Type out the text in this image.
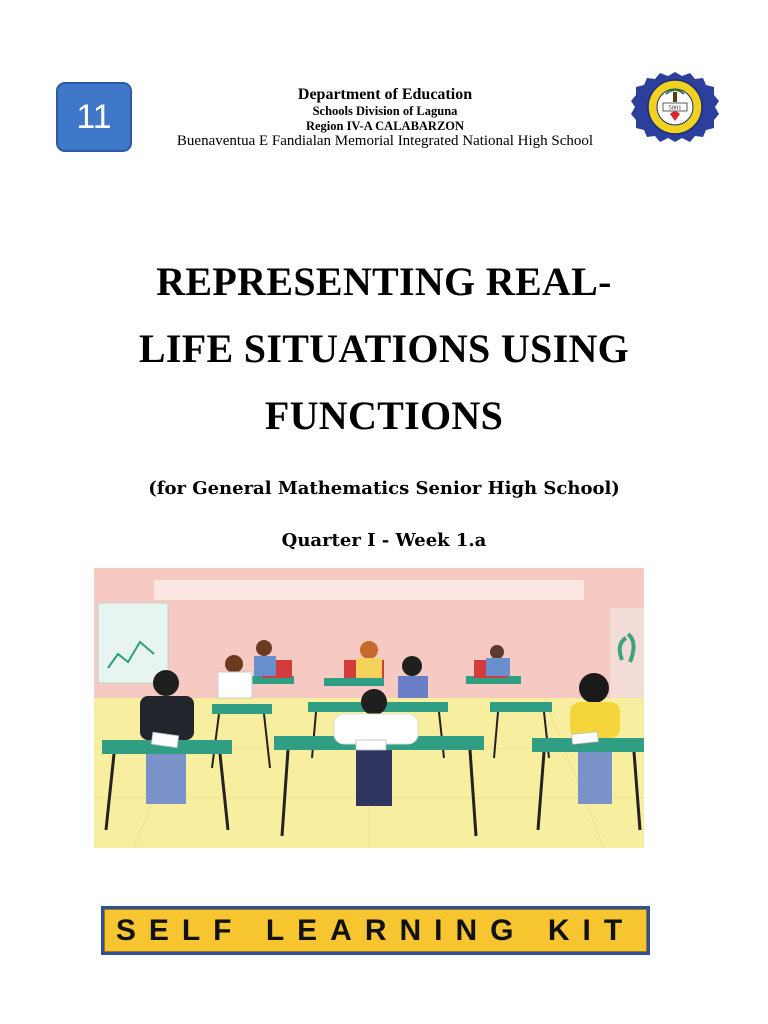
11
Department of Education
Schools Division of Laguna
Region IV-A CALABARZON
Buenaventua E Fandialan Memorial Integrated National High School
5001
REPRESENTING REAL-
LIFE SITUATIONS USING
FUNCTIONS
(for General Mathematics Senior High School)
Quarter I - Week 1.a
SELF LEARNING KIT
